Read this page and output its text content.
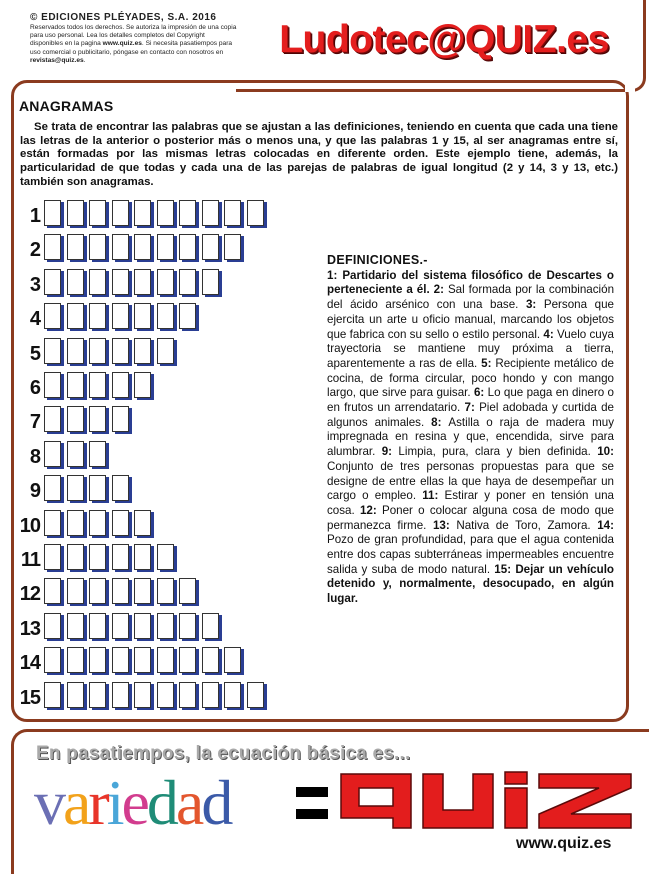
© EDICIONES PLÉYADES, S.A. 2016
Reservados todos los derechos. Se autoriza la impresión de una copia para uso personal. Lea los detalles completos del Copyright disponibles en la pagina www.quiz.es. Si necesita pasatiempos para uso comercial o publicitario, póngase en contacto con nosotros en revistas@quiz.es.	Ludotec@QUIZ.es
ANAGRAMAS
Se trata de encontrar las palabras que se ajustan a las definiciones, teniendo en cuenta que cada una tiene las letras de la anterior o posterior más o menos una, y que las palabras 1 y 15, al ser anagramas entre sí, están formadas por las mismas letras colocadas en diferente orden. Este ejemplo tiene, además, la particularidad de que todas y cada una de las parejas de palabras de igual longitud (2 y 14, 3 y 13, etc.) también son anagramas.
1
2
3
4
5
6
7
8
9
10
11
12
13
14
15
DEFINICIONES.-
1: Partidario del sistema filosófico de Descartes o perteneciente a él. 2: Sal formada por la combinación del ácido arsénico con una base. 3: Persona que ejercita un arte u oficio manual, marcando los objetos que fabrica con su sello o estilo personal. 4: Vuelo cuya trayectoria se mantiene muy próxima a tierra, aparentemente a ras de ella. 5: Recipiente metálico de cocina, de forma circular, poco hondo y con mango largo, que sirve para guisar. 6: Lo que paga en dinero o en frutos un arrendatario. 7: Piel adobada y curtida de algunos animales. 8: Astilla o raja de madera muy impregnada en resina y que, encendida, sirve para alumbrar. 9: Limpia, pura, clara y bien definida. 10: Conjunto de tres personas propuestas para que se designe de entre ellas la que haya de desempeñar un cargo o empleo. 11: Estirar y poner en tensión una cosa. 12: Poner o colocar alguna cosa de modo que permanezca firme. 13: Nativa de Toro, Zamora. 14: Pozo de gran profundidad, para que el agua contenida entre dos capas subterráneas impermeables encuentre salida y suba de modo natural. 15: Dejar un vehículo detenido y, normalmente, desocupado, en algún lugar.
En pasatiempos, la ecuación básica es...
variedad
www.quiz.es
